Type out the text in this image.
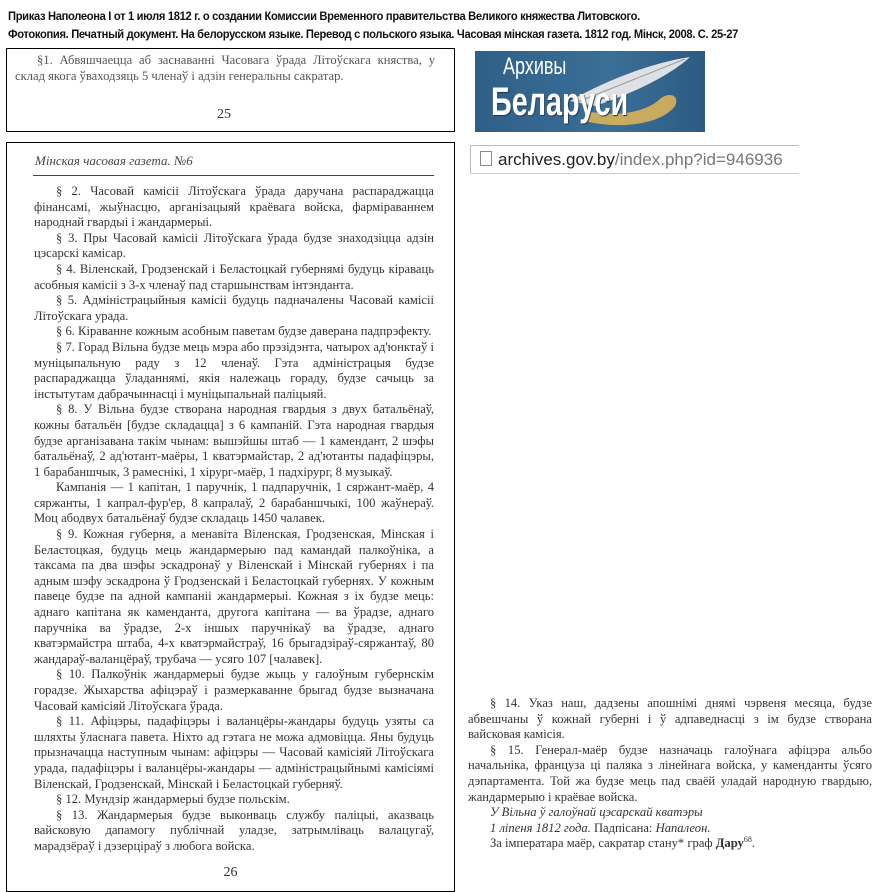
Приказ Наполеона I от 1 июля 1812 г. о создании Комиссии Временного правительства Великого княжества Литовского.
Фотокопия. Печатный документ. На белорусском языке. Перевод с польского языка. Часовая мінская газета. 1812 год. Мінск, 2008. С. 25-27

§1. Абвяшчаецца аб заснаванні Часовага ўрада Літоўскага княства, у склад якога ўваходзяць 5 членаў і адзін генеральны сакратар.

25
Архивы
Беларуси
archives.gov.by/index.php?id=946936
Мінская часовая газета. №6

§ 2. Часовай камісіі Літоўскага ўрада даручана распараджацца фінансамі, жыўнасцю, арганізацыяй краёвага войска, фарміраваннем народнай гвардыі і жандармерыі.

§ 3. Пры Часовай камісіі Літоўскага ўрада будзе знаходзіцца адзін цэсарскі камісар.

§ 4. Віленскай, Гродзенскай і Беластоцкай губернямі будуць кіраваць асобныя камісіі з 3-х членаў пад старшынствам інтэнданта.

§ 5. Адміністрацыйныя камісіі будуць падначалены Часовай камісіі Літоўскага урада.

§ 6. Кіраванне кожным асобным паветам будзе даверана падпрэфекту.

§ 7. Горад Вільна будзе мець мэра або прэзідэнта, чатырох ад'юнктаў і муніцыпальную раду з 12 членаў. Гэта адміністрацыя будзе распараджацца ўладаннямі, якія належаць гораду, будзе сачыць за інстытутам дабрачыннасці і муніцыпальнай паліцыяй.

§ 8. У Вільна будзе створана народная гвардыя з двух батальёнаў, кожны батальён [будзе складацца] з 6 кампаній. Гэта народная гвардыя будзе арганізавана такім чынам: вышэйшы штаб — 1 камендант, 2 шэфы батальёнаў, 2 ад'ютант-маёры, 1 кватэрмайстар, 2 ад'ютанты падафіцэры, 1 барабаншчык, 3 рамеснікі, 1 хірург-маёр, 1 падхірург, 8 музыкаў.

Кампанія — 1 капітан, 1 паручнік, 1 падпаручнік, 1 сяржант-маёр, 4 сяржанты, 1 капрал-фур'ер, 8 капралаў, 2 барабаншчыкі, 100 жаўнераў. Моц абодвух батальёнаў будзе складаць 1450 чалавек.

§ 9. Кожная губерня, а менавіта Віленская, Гродзенская, Мінская і Беластоцкая, будуць мець жандармерыю пад камандай палкоўніка, а таксама па два шэфы эскадронаў у Віленскай і Мінскай губернях і па адным шэфу эскадрона ў Гродзенскай і Беластоцкай губернях. У кожным павеце будзе па адной кампаніі жандармерыі. Кожная з іх будзе мець: аднаго капітана як каменданта, другога капітана — ва ўрадзе, аднаго паручніка ва ўрадзе, 2-х іншых паручнікаў ва ўрадзе, аднаго кватэрмайстра штаба, 4-х кватэрмайстраў, 16 брыгадзіраў-сяржантаў, 80 жандараў-валанцёраў, трубача — усяго 107 [чалавек].

§ 10. Палкоўнік жандармерыі будзе жыць у галоўным губернскім горадзе. Жыхарства афіцэраў і размеркаванне брыгад будзе вызначана Часовай камісіяй Літоўскага ўрада.

§ 11. Афіцэры, падафіцэры і валанцёры-жандары будуць узяты са шляхты ўласнага павета. Ніхто ад гэтага не можа адмовіцца. Яны будуць прызначацца наступным чынам: афіцэры — Часовай камісіяй Літоўскага урада, падафіцэры і валанцёры-жандары — адміністрацыйнымі камісіямі Віленскай, Гродзенскай, Мінскай і Беластоцкай губерняў.

§ 12. Мундзір жандармерыі будзе польскім.

§ 13. Жандармерыя будзе выконваць службу паліцыі, аказваць вайсковую дапамогу публічнай уладзе, затрымліваць валацугаў, марадзёраў і дэзерціраў з любога войска.

26

§ 14. Указ наш, дадзены апошнімі днямі чэрвеня месяца, будзе абвешчаны ў кожнай губерні і ў адпаведнасці з ім будзе створана вайсковая камісія.

§ 15. Генерал-маёр будзе назначаць галоўнага афіцэра альбо начальніка, француза ці паляка з лінейнага войска, у каменданты ўсяго дэпартамента. Той жа будзе мець пад сваёй уладай народную гвардыю, жандармерыю і краёвае войска.

У Вільна ў галоўнай цэсарскай кватэры

1 ліпеня 1812 года. Падпісана: Напалеон.

За імператара маёр, сакратар стану* граф Дару$^{68}$.
